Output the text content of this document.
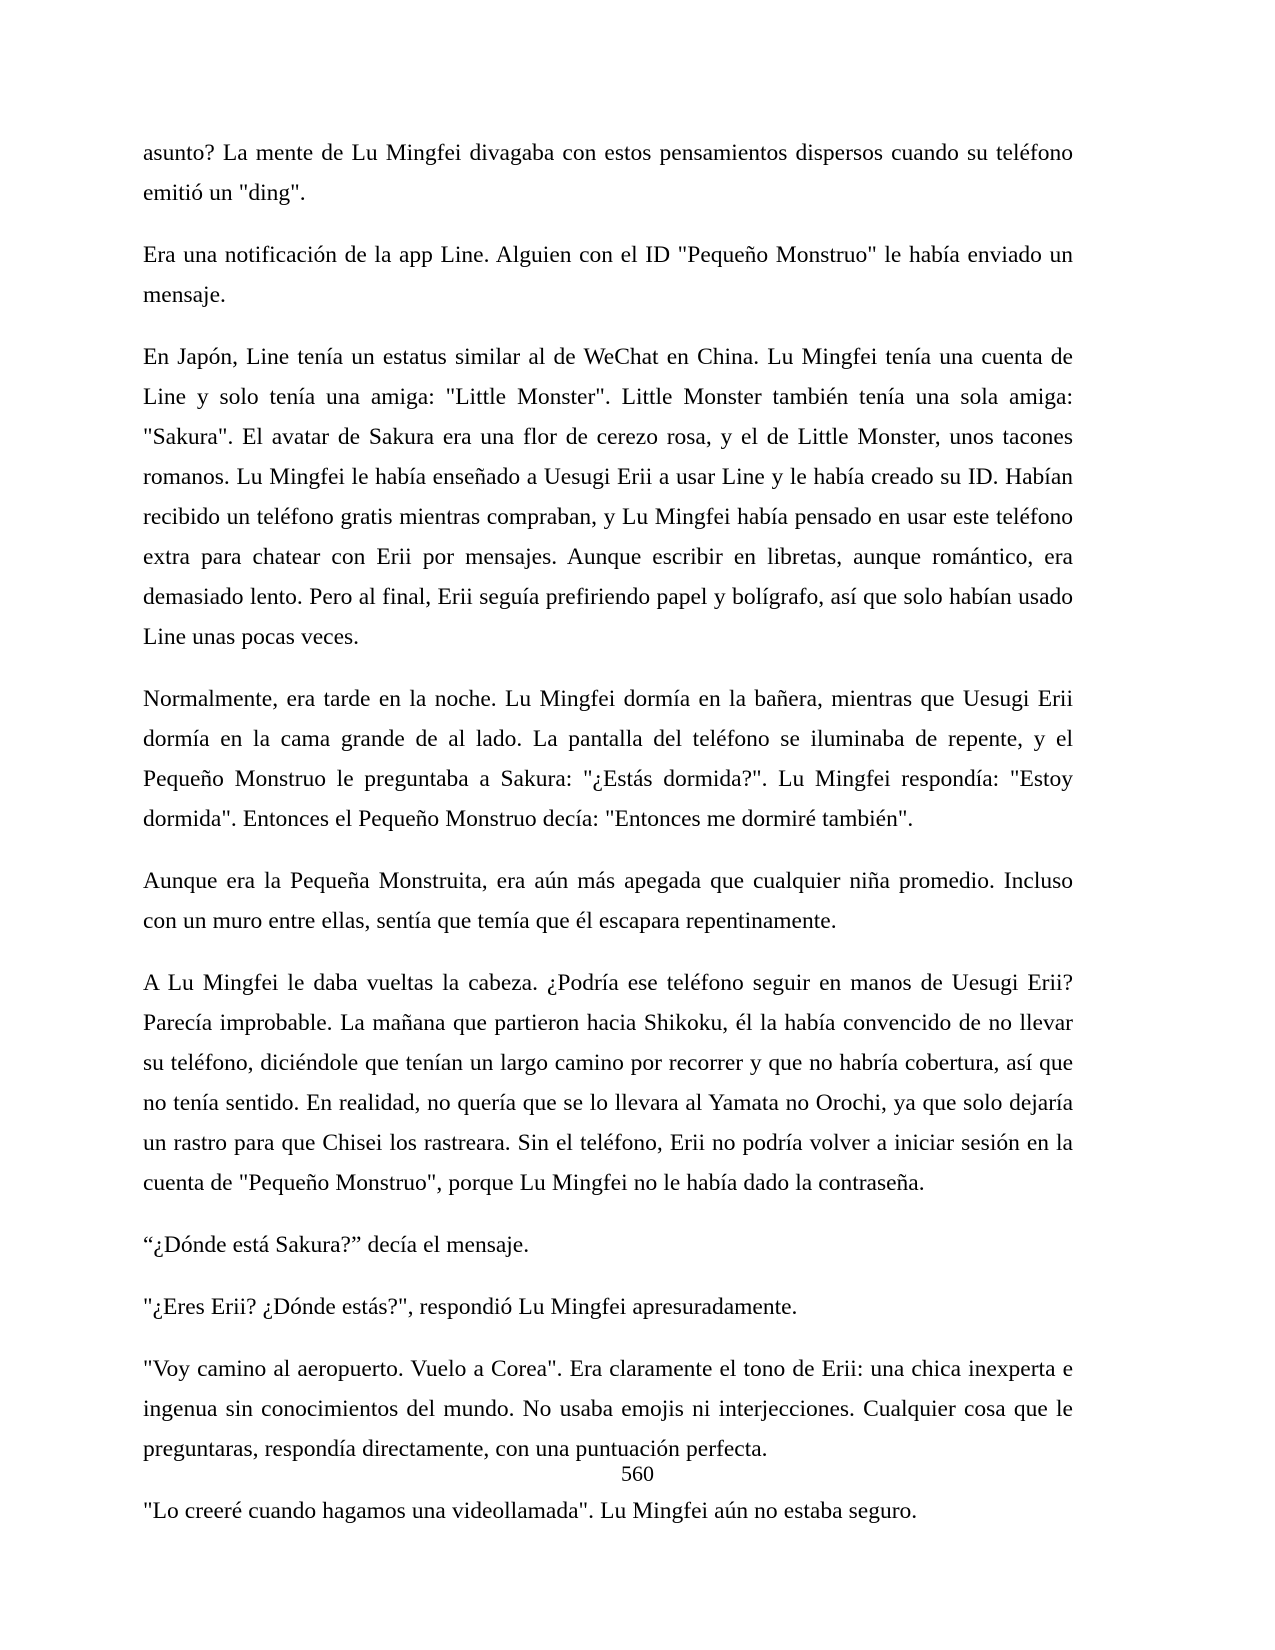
asunto? La mente de Lu Mingfei divagaba con estos pensamientos dispersos cuando su teléfono emitió un "ding".

Era una notificación de la app Line. Alguien con el ID "Pequeño Monstruo" le había enviado un mensaje.

En Japón, Line tenía un estatus similar al de WeChat en China. Lu Mingfei tenía una cuenta de Line y solo tenía una amiga: "Little Monster". Little Monster también tenía una sola amiga: "Sakura". El avatar de Sakura era una flor de cerezo rosa, y el de Little Monster, unos tacones romanos. Lu Mingfei le había enseñado a Uesugi Erii a usar Line y le había creado su ID. Habían recibido un teléfono gratis mientras compraban, y Lu Mingfei había pensado en usar este teléfono extra para chatear con Erii por mensajes. Aunque escribir en libretas, aunque romántico, era demasiado lento. Pero al final, Erii seguía prefiriendo papel y bolígrafo, así que solo habían usado Line unas pocas veces.

Normalmente, era tarde en la noche. Lu Mingfei dormía en la bañera, mientras que Uesugi Erii dormía en la cama grande de al lado. La pantalla del teléfono se iluminaba de repente, y el Pequeño Monstruo le preguntaba a Sakura: "¿Estás dormida?". Lu Mingfei respondía: "Estoy dormida". Entonces el Pequeño Monstruo decía: "Entonces me dormiré también".

Aunque era la Pequeña Monstruita, era aún más apegada que cualquier niña promedio. Incluso con un muro entre ellas, sentía que temía que él escapara repentinamente.

A Lu Mingfei le daba vueltas la cabeza. ¿Podría ese teléfono seguir en manos de Uesugi Erii? Parecía improbable. La mañana que partieron hacia Shikoku, él la había convencido de no llevar su teléfono, diciéndole que tenían un largo camino por recorrer y que no habría cobertura, así que no tenía sentido. En realidad, no quería que se lo llevara al Yamata no Orochi, ya que solo dejaría un rastro para que Chisei los rastreara. Sin el teléfono, Erii no podría volver a iniciar sesión en la cuenta de "Pequeño Monstruo", porque Lu Mingfei no le había dado la contraseña.

“¿Dónde está Sakura?” decía el mensaje.

"¿Eres Erii? ¿Dónde estás?", respondió Lu Mingfei apresuradamente.

"Voy camino al aeropuerto. Vuelo a Corea". Era claramente el tono de Erii: una chica inexperta e ingenua sin conocimientos del mundo. No usaba emojis ni interjecciones. Cualquier cosa que le preguntaras, respondía directamente, con una puntuación perfecta.

"Lo creeré cuando hagamos una videollamada". Lu Mingfei aún no estaba seguro.

560
